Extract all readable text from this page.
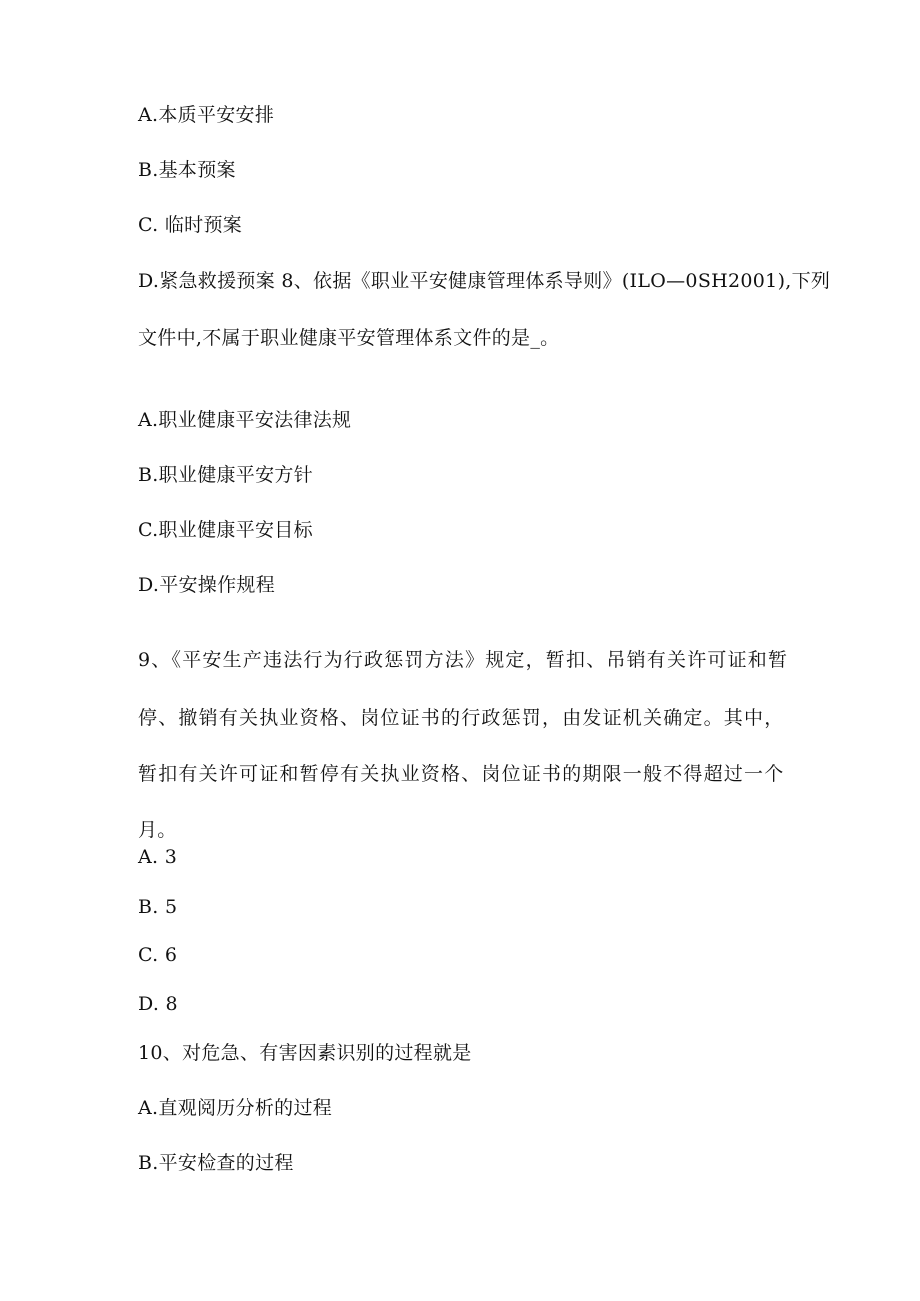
A.本质平安安排
B.基本预案
C. 临时预案
D.紧急救援预案 8、依据《职业平安健康管理体系导则》(ILO—0SH2001),下列
文件中,不属于职业健康平安管理体系文件的是_。
A.职业健康平安法律法规
B.职业健康平安方针
C.职业健康平安目标
D.平安操作规程
9、《平安生产违法行为行政惩罚方法》规定，暂扣、吊销有关许可证和暂
停、撤销有关执业资格、岗位证书的行政惩罚，由发证机关确定。其中，
暂扣有关许可证和暂停有关执业资格、岗位证书的期限一般不得超过一个
月。
A. 3
B. 5
C. 6
D. 8
10、对危急、有害因素识别的过程就是
A.直观阅历分析的过程
B.平安检查的过程
